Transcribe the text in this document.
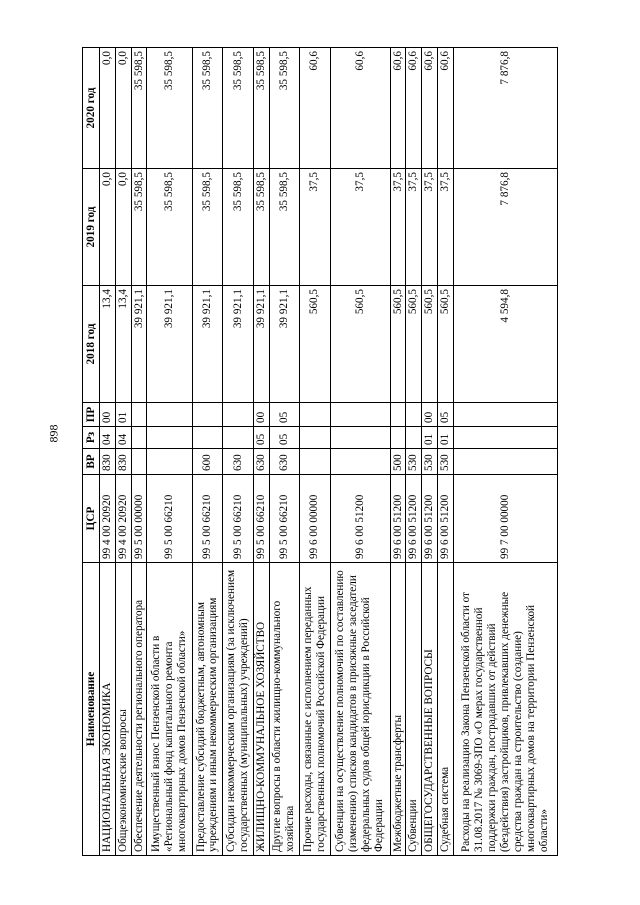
898
Наименование	ЦСР	ВР	Рз	ПР	2018 год	2019 год	2020 год
НАЦИОНАЛЬНАЯ ЭКОНОМИКА	99 4 00 20920	830	04	00	13,4	0,0	0,0
Общеэкономические вопросы	99 4 00 20920	830	04	01	13,4	0,0	0,0
Обеспечение деятельности регионального оператора	99 5 00 00000				39 921,1	35 598,5	35 598,5
Имущественный взнос Пензенской области в «Региональный фонд капитального ремонта многоквартирных домов Пензенской области»	99 5 00 66210				39 921,1	35 598,5	35 598,5
Предоставление субсидий бюджетным, автономным учреждениям и иным некоммерческим организациям	99 5 00 66210	600			39 921,1	35 598,5	35 598,5
Субсидии некоммерческим организациям (за исключением государственных (муниципальных) учреждений)	99 5 00 66210	630			39 921,1	35 598,5	35 598,5
ЖИЛИЩНО-КОММУНАЛЬНОЕ ХОЗЯЙСТВО	99 5 00 66210	630	05	00	39 921,1	35 598,5	35 598,5
Другие вопросы в области жилищно-коммунального хозяйства	99 5 00 66210	630	05	05	39 921,1	35 598,5	35 598,5
Прочие расходы, связанные с исполнением переданных государственных полномочий Российской Федерации	99 6 00 00000				560,5	37,5	60,6
Субвенции на осуществление полномочий по составлению (изменению) списков кандидатов в присяжные заседатели федеральных судов общей юрисдикции в Российской Федерации	99 6 00 51200				560,5	37,5	60,6
Межбюджетные трансферты	99 6 00 51200	500			560,5	37,5	60,6
Субвенции	99 6 00 51200	530			560,5	37,5	60,6
ОБЩЕГОСУДАРСТВЕННЫЕ ВОПРОСЫ	99 6 00 51200	530	01	00	560,5	37,5	60,6
Судебная система	99 6 00 51200	530	01	05	560,5	37,5	60,6
Расходы на реализацию Закона Пензенской области от 31.08.2017 № 3069-ЗПО «О мерах государственной поддержки граждан, пострадавших от действий (бездействия) застройщиков, привлекавших денежные средства граждан на строительство (создание) многоквартирных домов на территории Пензенской области»	99 7 00 00000				4 594,8	7 876,8	7 876,8
